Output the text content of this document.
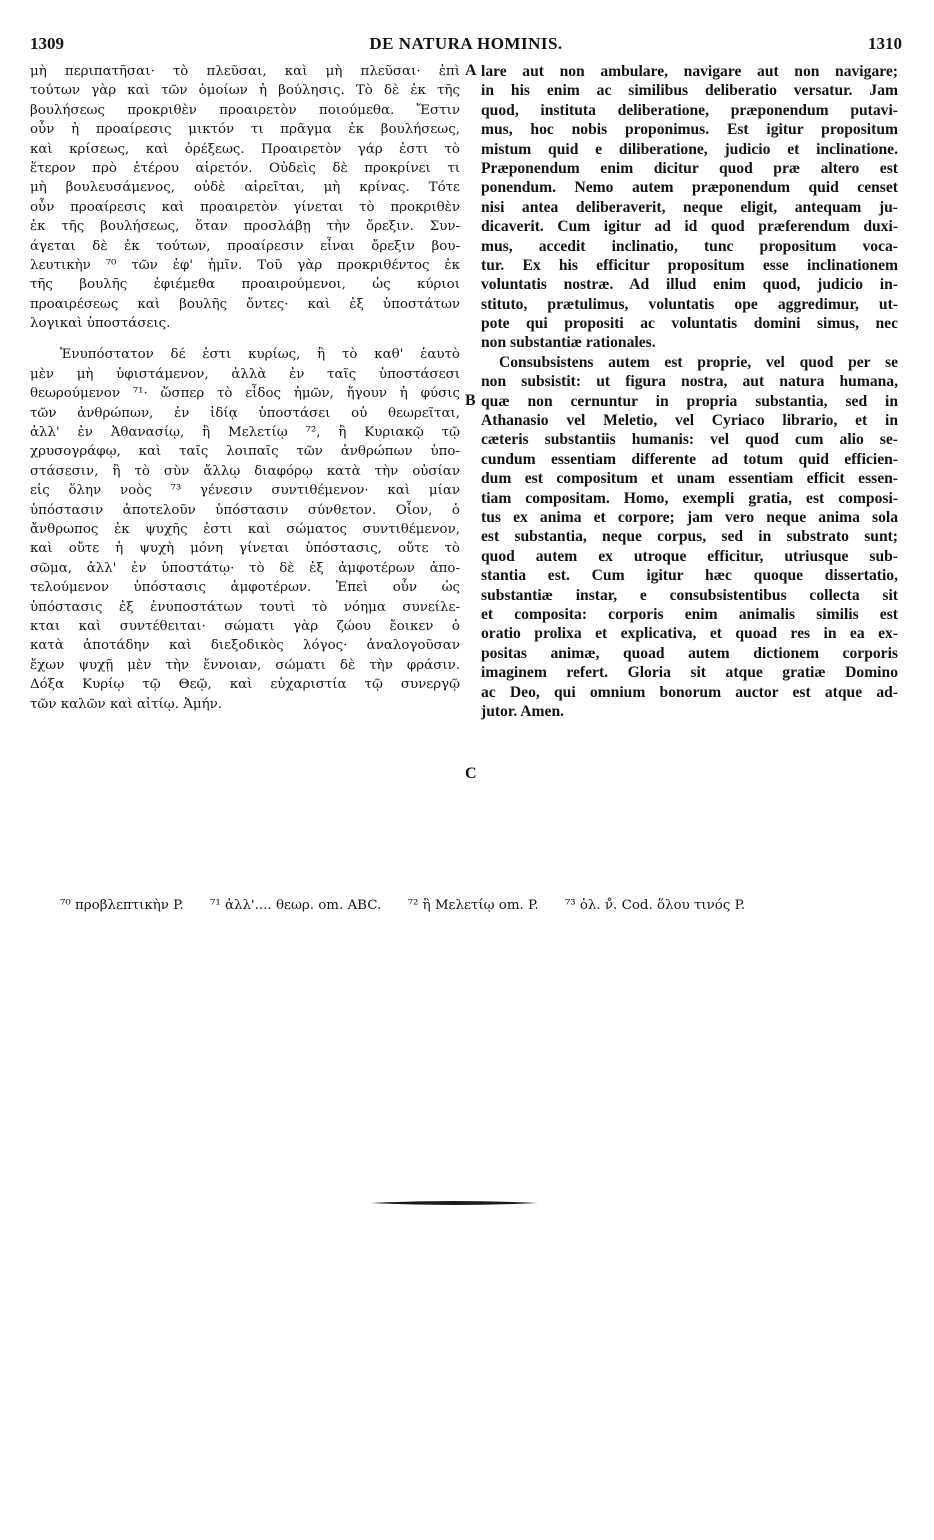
DE NATURA HOMINIS.
1309	1310
μὴ περιπατῆσαι· τὸ πλεῦσαι, καὶ μὴ πλεῦσαι· ἐπὶ
τούτων γὰρ καὶ τῶν ὁμοίων ἡ βούλησις. Τὸ δὲ ἐκ τῆς
βουλήσεως προκριθὲν προαιρετὸν ποιούμεθα. Ἔστιν
οὖν ἡ προαίρεσις μικτόν τι πρᾶγμα ἐκ βουλήσεως,
καὶ κρίσεως, καὶ ὀρέξεως. Προαιρετὸν γάρ ἐστι τὸ
ἕτερον πρὸ ἑτέρου αἱρετόν. Οὐδεὶς δὲ προκρίνει τι
μὴ βουλευσάμενος, οὐδὲ αἱρεῖται, μὴ κρίνας. Τότε
οὖν προαίρεσις καὶ προαιρετὸν γίνεται τὸ προκριθὲν
ἐκ τῆς βουλήσεως, ὅταν προσλάβῃ τὴν ὄρεξιν. Συν-
άγεται δὲ ἐκ τούτων, προαίρεσιν εἶναι ὄρεξιν βου-
λευτικὴν ⁷⁰ τῶν ἐφ' ἡμῖν. Τοῦ γὰρ προκριθέντος ἐκ
τῆς βουλῆς ἐφιέμεθα προαιρούμενοι, ὡς κύριοι
προαιρέσεως καὶ βουλῆς ὄντες· καὶ ἐξ ὑποστάτων
λογικαὶ ὑποστάσεις.
Ἐνυπόστατον δέ ἐστι κυρίως, ἢ τὸ καθ' ἑαυτὸ
μὲν μὴ ὑφιστάμενον, ἀλλὰ ἐν ταῖς ὑποστάσεσι
θεωρούμενον ⁷¹· ὥσπερ τὸ εἶδος ἡμῶν, ἤγουν ἡ φύσις
τῶν ἀνθρώπων, ἐν ἰδίᾳ ὑποστάσει οὐ θεωρεῖται,
ἀλλ' ἐν Ἀθανασίῳ, ἢ Μελετίῳ ⁷², ἢ Κυριακῷ τῷ
χρυσογράφῳ, καὶ ταῖς λοιπαῖς τῶν ἀνθρώπων ὑπο-
στάσεσιν, ἢ τὸ σὺν ἄλλῳ διαφόρῳ κατὰ τὴν οὐσίαν
εἰς ὅλην νοὸς ⁷³ γένεσιν συντιθέμενον· καὶ μίαν
ὑπόστασιν ἀποτελοῦν ὑπόστασιν σύνθετον. Οἷον, ὁ
ἄνθρωπος ἐκ ψυχῆς ἐστι καὶ σώματος συντιθέμενον,
καὶ οὔτε ἡ ψυχὴ μόνη γίνεται ὑπόστασις, οὔτε τὸ
σῶμα, ἀλλ' ἐν ὑποστάτῳ· τὸ δὲ ἐξ ἀμφοτέρων ἀπο-
τελούμενον ὑπόστασις ἀμφοτέρων. Ἐπεὶ οὖν ὡς
ὑπόστασις ἐξ ἐνυποστάτων τουτὶ τὸ νόημα συνείλε-
κται καὶ συντέθειται· σώματι γὰρ ζώου ἔοικεν ὁ
κατὰ ἀποτάδην καὶ διεξοδικὸς λόγος· ἀναλογοῦσαν
ἔχων ψυχῇ μὲν τὴν ἔννοιαν, σώματι δὲ τὴν φράσιν.
Δόξα Κυρίῳ τῷ Θεῷ, καὶ εὐχαριστία τῷ συνεργῷ
τῶν καλῶν καὶ αἰτίῳ. Ἀμήν.
A
B
C
lare aut non ambulare, navigare aut non navigare;
in his enim ac similibus deliberatio versatur. Jam
quod, instituta deliberatione, præponendum putavi-
mus, hoc nobis proponimus. Est igitur propositum
mistum quid e diliberatione, judicio et inclinatione.
Præponendum enim dicitur quod præ altero est
ponendum. Nemo autem præponendum quid censet
nisi antea deliberaverit, neque eligit, antequam ju-
dicaverit. Cum igitur ad id quod præferendum duxi-
mus, accedit inclinatio, tunc propositum voca-
tur. Ex his efficitur propositum esse inclinationem
voluntatis nostræ. Ad illud enim quod, judicio in-
stituto, prætulimus, voluntatis ope aggredimur, ut-
pote qui propositi ac voluntatis domini simus, nec
non substantiæ rationales.
Consubsistens autem est proprie, vel quod per se
non subsistit: ut figura nostra, aut natura humana,
quæ non cernuntur in propria substantia, sed in
Athanasio vel Meletio, vel Cyriaco librario, et in
cæteris substantiis humanis: vel quod cum alio se-
cundum essentiam differente ad totum quid efficien-
dum est compositum et unam essentiam efficit essen-
tiam compositam. Homo, exempli gratia, est composi-
tus ex anima et corpore; jam vero neque anima sola
est substantia, neque corpus, sed in substrato sunt;
quod autem ex utroque efficitur, utriusque sub-
stantia est. Cum igitur hæc quoque dissertatio,
substantiæ instar, e consubsistentibus collecta sit
et composita: corporis enim animalis similis est
oratio prolixa et explicativa, et quoad res in ea ex-
positas animæ, quoad autem dictionem corporis
imaginem refert. Gloria sit atque gratiæ Domino
ac Deo, qui omnium bonorum auctor est atque ad-
jutor. Amen.
⁷⁰ προβλεπτικὴν P. ⁷¹ ἀλλ'.... θεωρ. om. ABC. ⁷² ἢ Μελετίῳ om. P. ⁷³ ὁλ. ν̊. Cod. ὅλου τινός P.
